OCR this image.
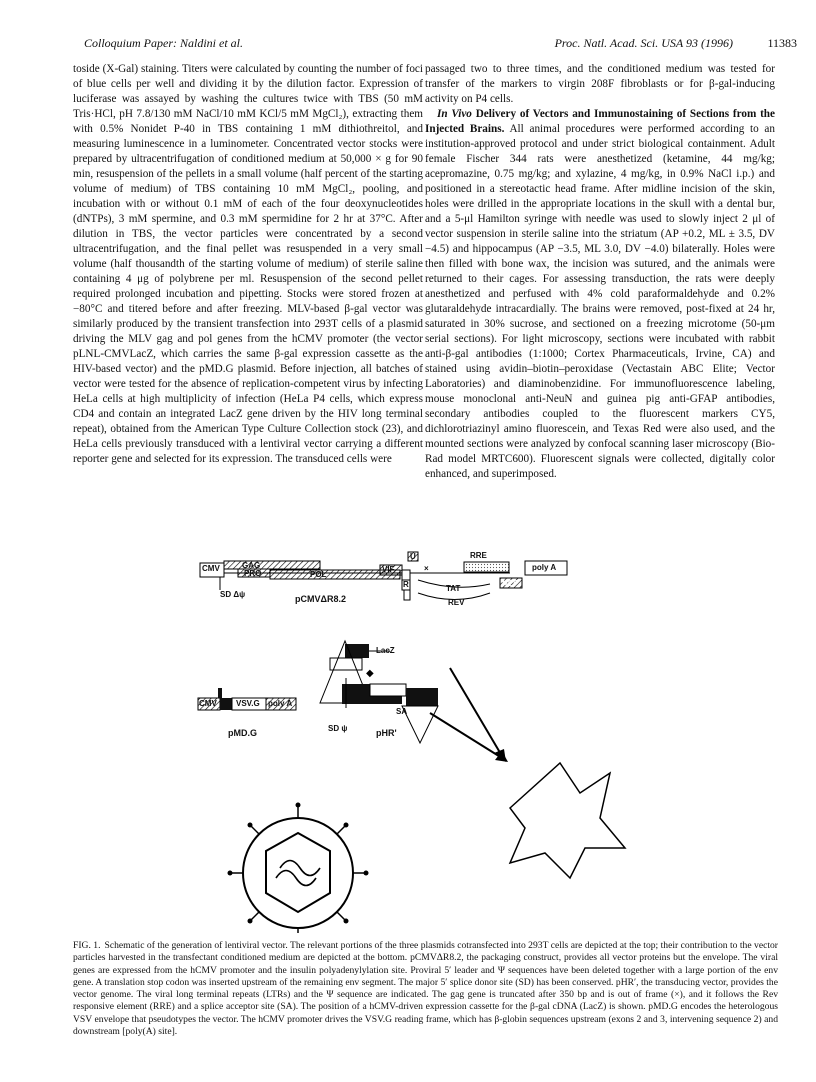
Colloquium Paper: Naldini et al.	Proc. Natl. Acad. Sci. USA 93 (1996)	11383

toside (X-Gal) staining. Titers were calculated by counting the number of foci of blue cells per well and dividing it by the dilution factor. Expression of luciferase was assayed by washing the cultures twice with TBS (50 mM Tris·HCl, pH 7.8/130 mM NaCl/10 mM KCl/5 mM MgCl₂), extracting them with 0.5% Nonidet P-40 in TBS containing 1 mM dithiothreitol, and measuring luminescence in a luminometer. Concentrated vector stocks were prepared by ultracentrifugation of conditioned medium at 50,000 × g for 90 min, resuspension of the pellets in a small volume (half percent of the starting volume of medium) of TBS containing 10 mM MgCl₂, pooling, and incubation with or without 0.1 mM of each of the four deoxynucleotides (dNTPs), 3 mM spermine, and 0.3 mM spermidine for 2 hr at 37°C. After dilution in TBS, the vector particles were concentrated by a second ultracentrifugation, and the final pellet was resuspended in a very small volume (half thousandth of the starting volume of medium) of sterile saline containing 4 μg of polybrene per ml. Resuspension of the second pellet required prolonged incubation and pipetting. Stocks were stored frozen at −80°C and titered before and after freezing. MLV-based β-gal vector was similarly produced by the transient transfection into 293T cells of a plasmid driving the MLV gag and pol genes from the hCMV promoter (the vector pLNL-CMVLacZ, which carries the same β-gal expression cassette as the HIV-based vector) and the pMD.G plasmid. Before injection, all batches of vector were tested for the absence of replication-competent virus by infecting HeLa cells at high multiplicity of infection (HeLa P4 cells, which express CD4 and contain an integrated LacZ gene driven by the HIV long terminal repeat), obtained from the American Type Culture Collection stock (23), and HeLa cells previously transduced with a lentiviral vector carrying a different reporter gene and selected for its expression. The transduced cells were

passaged two to three times, and the conditioned medium was tested for transfer of the markers to virgin 208F fibroblasts or for β-gal-inducing activity on P4 cells.

In Vivo Delivery of Vectors and Immunostaining of Sections from the Injected Brains. All animal procedures were performed according to an institution-approved protocol and under strict biological containment. Adult female Fischer 344 rats were anesthetized (ketamine, 44 mg/kg; acepromazine, 0.75 mg/kg; and xylazine, 4 mg/kg, in 0.9% NaCl i.p.) and positioned in a stereotactic head frame. After midline incision of the skin, holes were drilled in the appropriate locations in the skull with a dental bur, and a 5-μl Hamilton syringe with needle was used to slowly inject 2 μl of vector suspension in sterile saline into the striatum (AP +0.2, ML ± 3.5, DV −4.5) and hippocampus (AP −3.5, ML 3.0, DV −4.0) bilaterally. Holes were then filled with bone wax, the incision was sutured, and the animals were returned to their cages. For assessing transduction, the rats were deeply anesthetized and perfused with 4% cold paraformaldehyde and 0.2% glutaraldehyde intracardially. The brains were removed, post-fixed at 24 hr, saturated in 30% sucrose, and sectioned on a freezing microtome (50-μm serial sections). For light microscopy, sections were incubated with rabbit anti-β-gal antibodies (1:1000; Cortex Pharmaceuticals, Irvine, CA) and stained using avidin–biotin–peroxidase (Vectastain ABC Elite; Vector Laboratories) and diaminobenzidine. For immunofluorescence labeling, mouse monoclonal anti-NeuN and guinea pig anti-GFAP antibodies, secondary antibodies coupled to the fluorescent markers CY5, dichlorotriazinyl amino fluorescein, and Texas Red were also used, and the mounted sections were analyzed by confocal scanning laser microscopy (Bio-Rad model MRTC600). Fluorescent signals were collected, digitally color enhanced, and superimposed.

◆
CMV	GAG
PRO	POL
VIF
U
R
×
RRE
poly A
TAT
REV
NEF
SD Δψ	pCMVΔR8.2
LacZ
SA
SD ψ	pHR'
CMV VSV.G poly A
pMD.G
FIG. 1. Schematic of the generation of lentiviral vector. The relevant portions of the three plasmids cotransfected into 293T cells are depicted at the top; their contribution to the vector particles harvested in the transfectant conditioned medium are depicted at the bottom. pCMVΔR8.2, the packaging construct, provides all vector proteins but the envelope. The viral genes are expressed from the hCMV promoter and the insulin polyadenylylation site. Proviral 5′ leader and Ψ sequences have been deleted together with a large portion of the env gene. A translation stop codon was inserted upstream of the remaining env segment. The major 5′ splice donor site (SD) has been conserved. pHR′, the transducing vector, provides the vector genome. The viral long terminal repeats (LTRs) and the Ψ sequence are indicated. The gag gene is truncated after 350 bp and is out of frame (×), and it follows the Rev responsive element (RRE) and a splice acceptor site (SA). The position of a hCMV-driven expression cassette for the β-gal cDNA (LacZ) is shown. pMD.G encodes the heterologous VSV envelope that pseudotypes the vector. The hCMV promoter drives the VSV.G reading frame, which has β-globin sequences upstream (exons 2 and 3, intervening sequence 2) and downstream [poly(A) site].
